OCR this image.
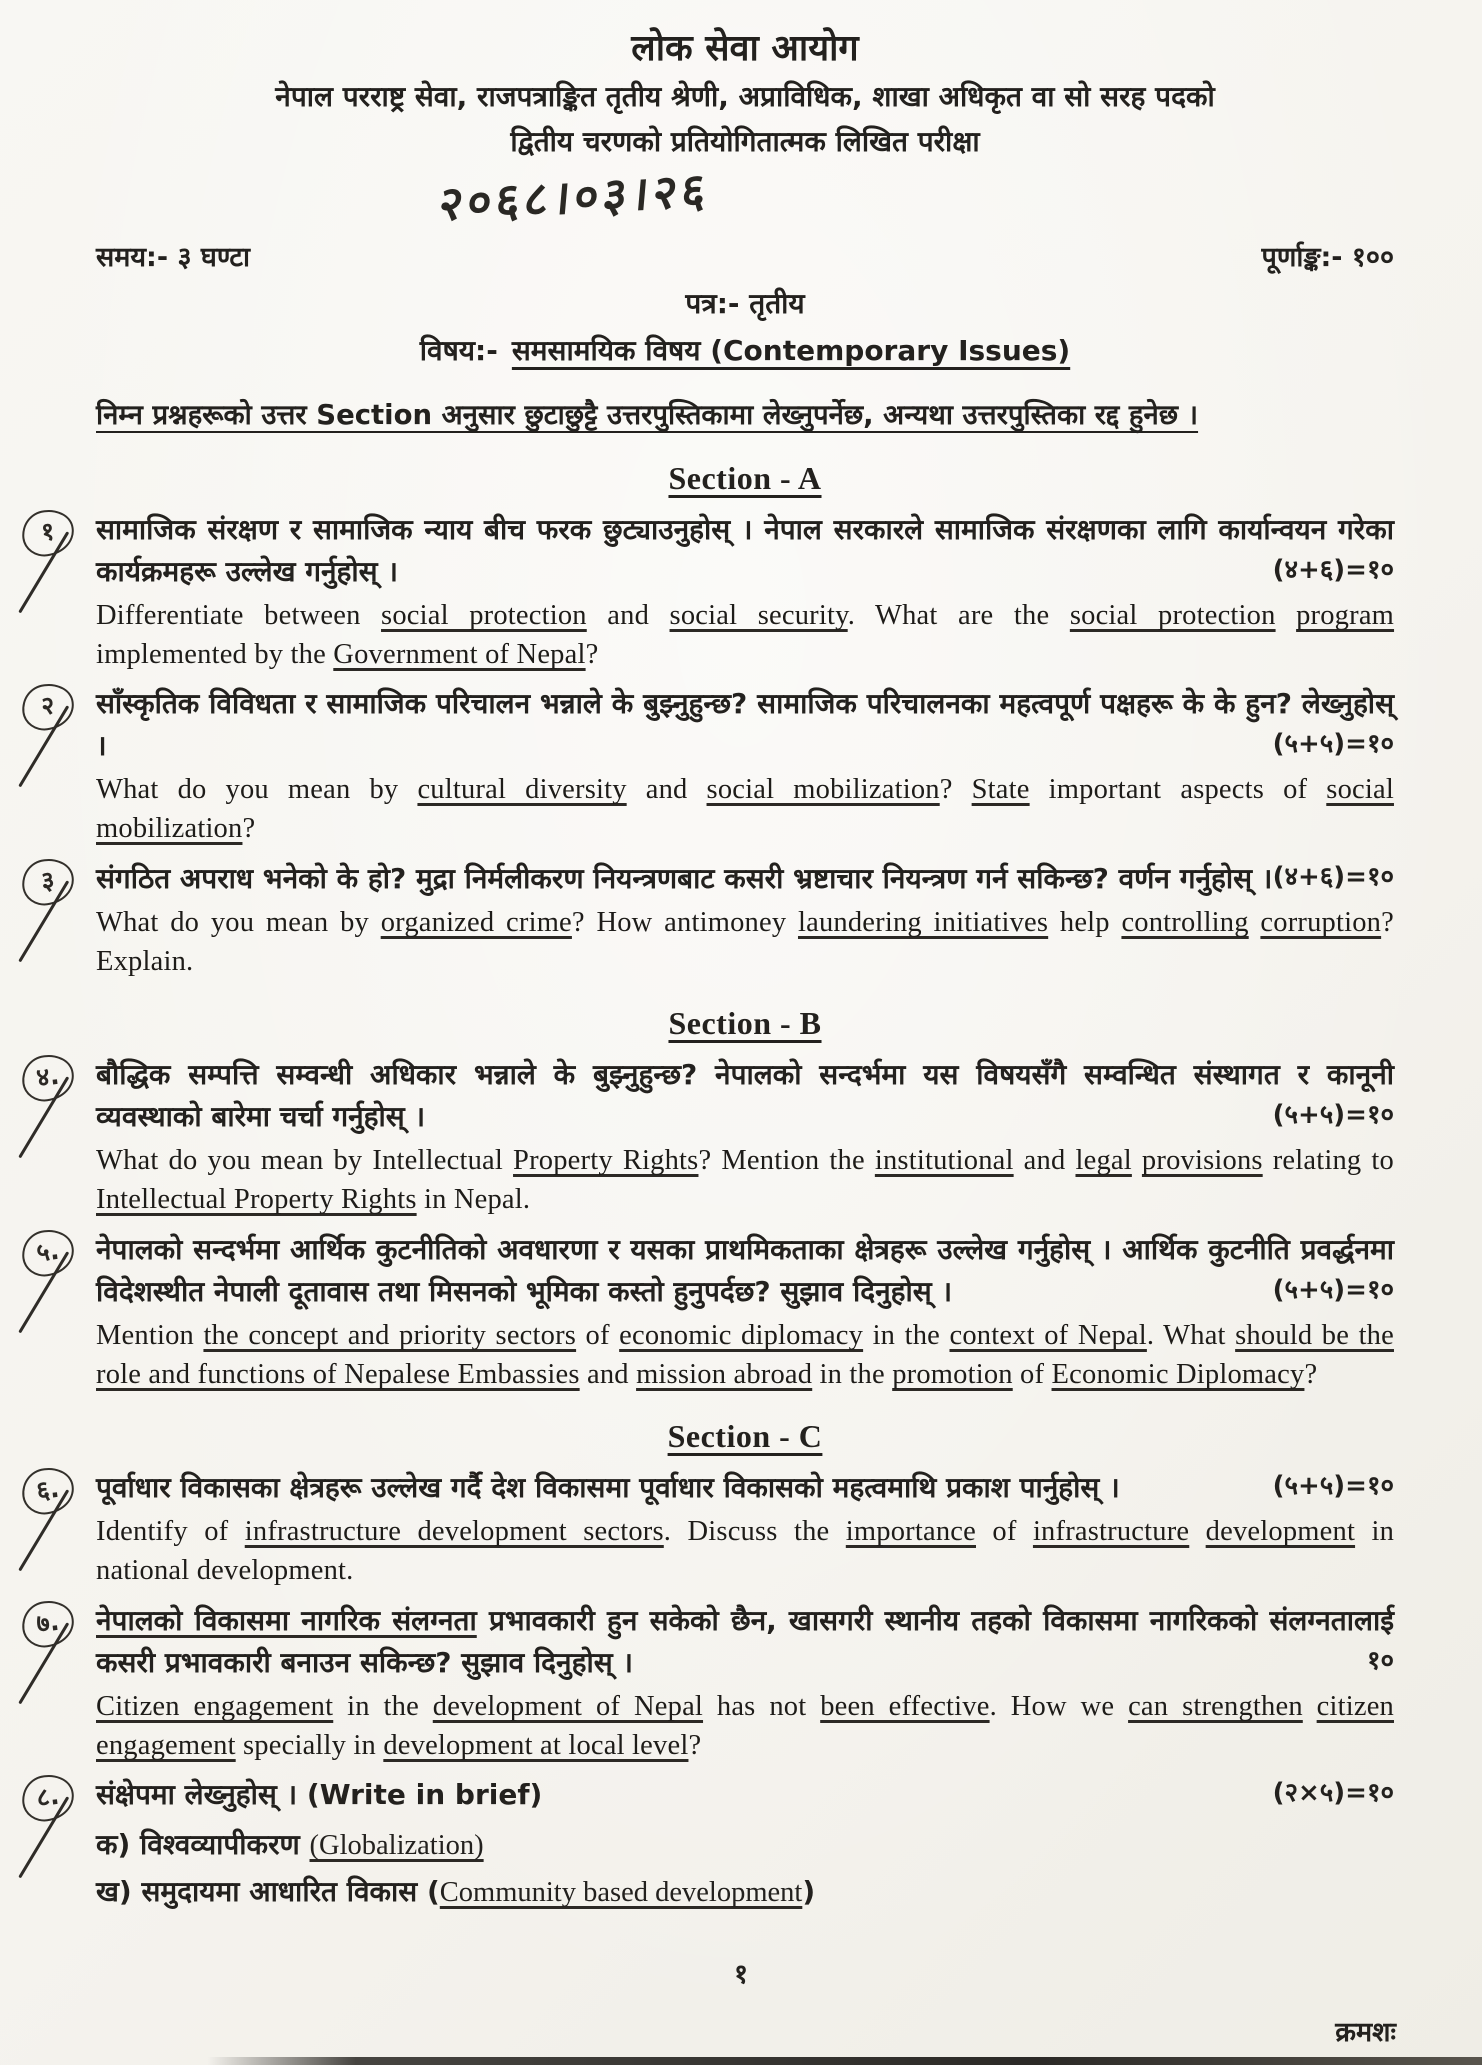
लोक सेवा आयोग
नेपाल परराष्ट्र सेवा, राजपत्राङ्कित तृतीय श्रेणी, अप्राविधिक, शाखा अधिकृत वा सो सरह पदको
द्वितीय चरणको प्रतियोगितात्मक लिखित परीक्षा
२०६८।०३।२६
समय:- ३ घण्टा	पूर्णाङ्क:- १००
पत्र:- तृतीय
विषय:- समसामयिक विषय (Contemporary Issues)
निम्न प्रश्नहरूको उत्तर Section अनुसार छुटाछुट्टै उत्तरपुस्तिकामा लेख्नुपर्नेछ, अन्यथा उत्तरपुस्तिका रद्द हुनेछ ।
Section - A
१	सामाजिक संरक्षण र सामाजिक न्याय बीच फरक छुट्याउनुहोस् । नेपाल सरकारले सामाजिक संरक्षणका लागि कार्यान्वयन गरेका कार्यक्रमहरू उल्लेख गर्नुहोस् ।	(४+६)=१०
Differentiate between social protection and social security. What are the social protection program implemented by the Government of Nepal?
२	साँस्कृतिक विविधता र सामाजिक परिचालन भन्नाले के बुझ्नुहुन्छ? सामाजिक परिचालनका महत्वपूर्ण पक्षहरू के के हुन? लेख्नुहोस् ।	(५+५)=१०
What do you mean by cultural diversity and social mobilization? State important aspects of social mobilization?
३	संगठित अपराध भनेको के हो? मुद्रा निर्मलीकरण नियन्त्रणबाट कसरी भ्रष्टाचार नियन्त्रण गर्न सकिन्छ? वर्णन गर्नुहोस् । (४+६)=१०
What do you mean by organized crime? How antimoney laundering initiatives help controlling corruption? Explain.
Section - B
४.	बौद्धिक सम्पत्ति सम्वन्धी अधिकार भन्नाले के बुझ्नुहुन्छ? नेपालको सन्दर्भमा यस विषयसँगै सम्वन्धित संस्थागत र कानूनी व्यवस्थाको बारेमा चर्चा गर्नुहोस् ।	(५+५)=१०
What do you mean by Intellectual Property Rights? Mention the institutional and legal provisions relating to Intellectual Property Rights in Nepal.
५.	नेपालको सन्दर्भमा आर्थिक कुटनीतिको अवधारणा र यसका प्राथमिकताका क्षेत्रहरू उल्लेख गर्नुहोस् । आर्थिक कुटनीति प्रवर्द्धनमा विदेशस्थीत नेपाली दूतावास तथा मिसनको भूमिका कस्तो हुनुपर्दछ? सुझाव दिनुहोस् ।	(५+५)=१०
Mention the concept and priority sectors of economic diplomacy in the context of Nepal. What should be the role and functions of Nepalese Embassies and mission abroad in the promotion of Economic Diplomacy?
Section - C
६.	पूर्वाधार विकासका क्षेत्रहरू उल्लेख गर्दै देश विकासमा पूर्वाधार विकासको महत्वमाथि प्रकाश पार्नुहोस् ।	(५+५)=१०
Identify of infrastructure development sectors. Discuss the importance of infrastructure development in national development.
७.	नेपालको विकासमा नागरिक संलग्नता प्रभावकारी हुन सकेको छैन, खासगरी स्थानीय तहको विकासमा नागरिकको संलग्नतालाई कसरी प्रभावकारी बनाउन सकिन्छ? सुझाव दिनुहोस् ।	१०
Citizen engagement in the development of Nepal has not been effective. How we can strengthen citizen engagement specially in development at local level?
८.	संक्षेपमा लेख्नुहोस् । (Write in brief)	(२×५)=१०
क) विश्वव्यापीकरण (Globalization)
ख) समुदायमा आधारित विकास (Community based development)
१
क्रमशः
